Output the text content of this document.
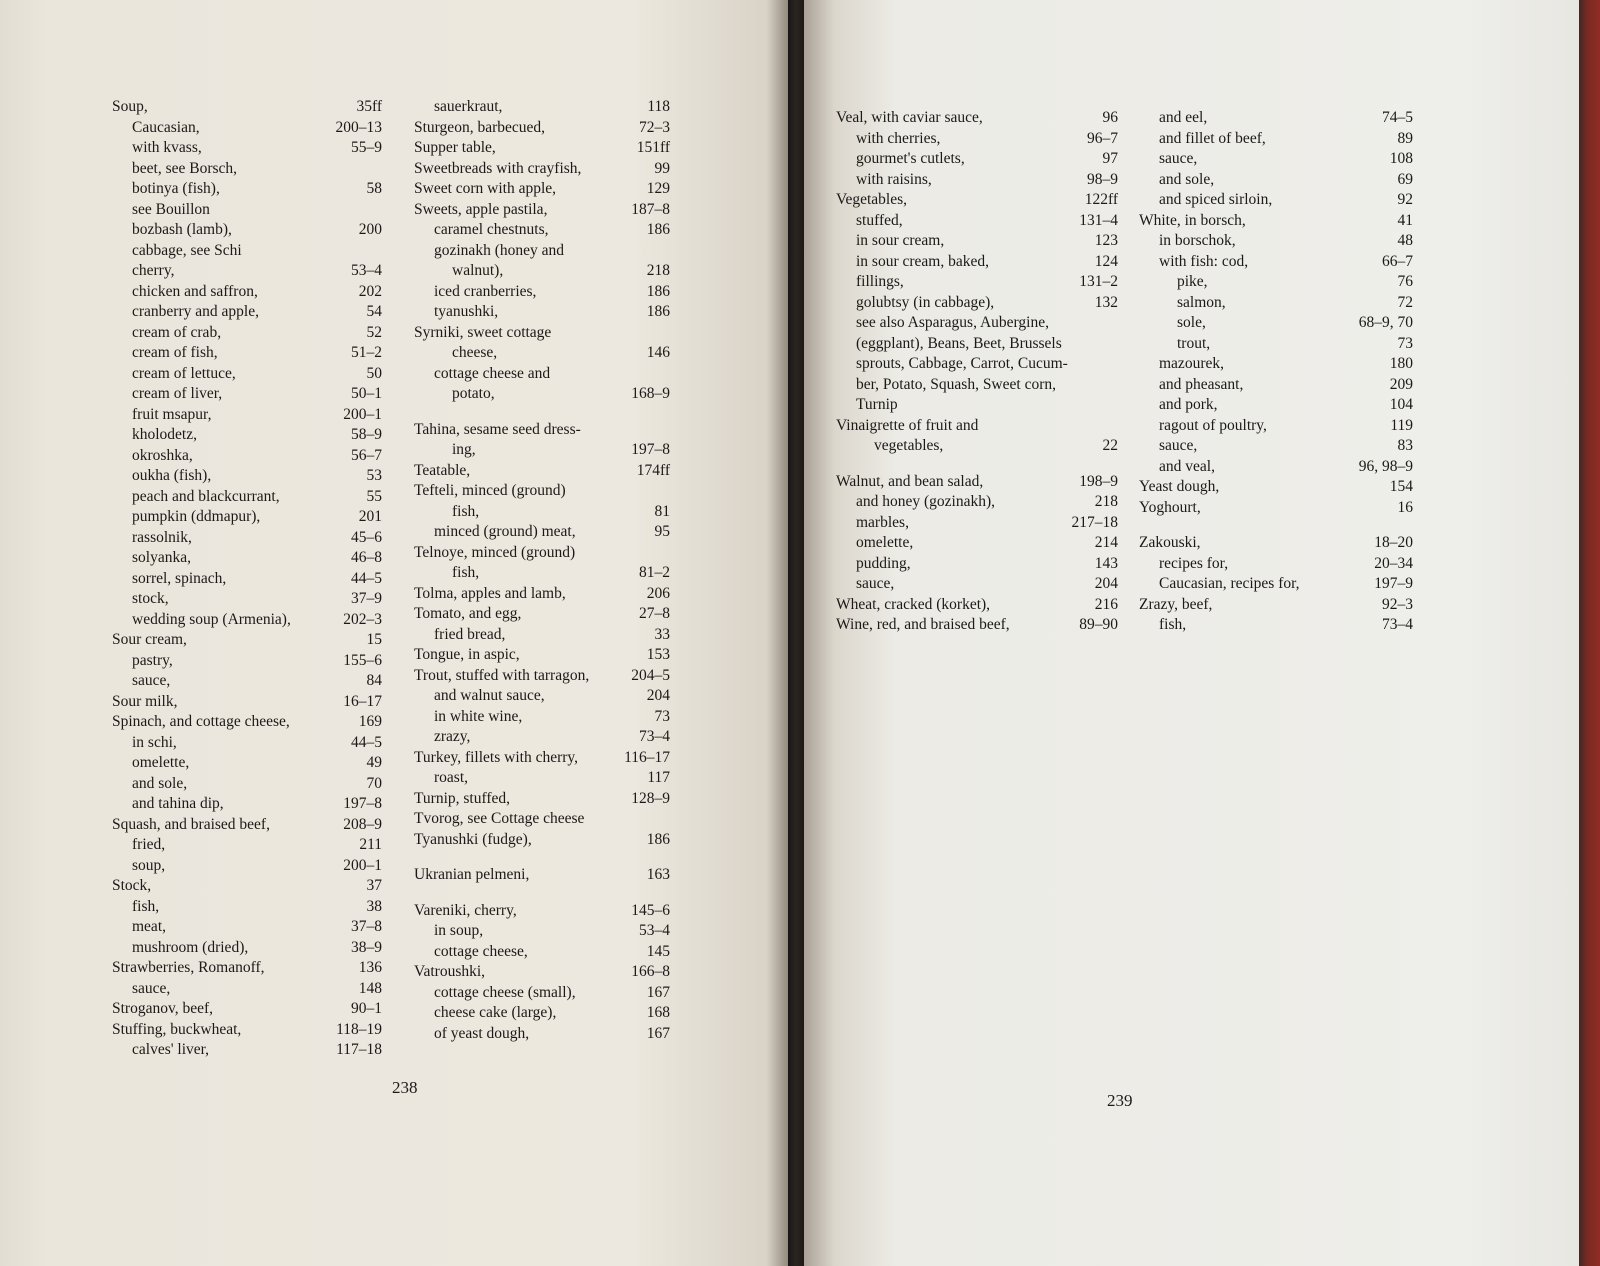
Soup,	35ff
Caucasian,	200–13
with kvass,	55–9
beet, see Borsch,
botinya (fish),	58
see Bouillon
bozbash (lamb),	200
cabbage, see Schi
cherry,	53–4
chicken and saffron,	202
cranberry and apple,	54
cream of crab,	52
cream of fish,	51–2
cream of lettuce,	50
cream of liver,	50–1
fruit msapur,	200–1
kholodetz,	58–9
okroshka,	56–7
oukha (fish),	53
peach and blackcurrant,	55
pumpkin (ddmapur),	201
rassolnik,	45–6
solyanka,	46–8
sorrel, spinach,	44–5
stock,	37–9
wedding soup (Armenia),	202–3
Sour cream,	15
pastry,	155–6
sauce,	84
Sour milk,	16–17
Spinach, and cottage cheese,	169
in schi,	44–5
omelette,	49
and sole,	70
and tahina dip,	197–8
Squash, and braised beef,	208–9
fried,	211
soup,	200–1
Stock,	37
fish,	38
meat,	37–8
mushroom (dried),	38–9
Strawberries, Romanoff,	136
sauce,	148
Stroganov, beef,	90–1
Stuffing, buckwheat,	118–19
calves' liver,	117–18
sauerkraut,	118
Sturgeon, barbecued,	72–3
Supper table,	151ff
Sweetbreads with crayfish,	99
Sweet corn with apple,	129
Sweets, apple pastila,	187–8
caramel chestnuts,	186
gozinakh (honey and
walnut),	218
iced cranberries,	186
tyanushki,	186
Syrniki, sweet cottage
cheese,	146
cottage cheese and
potato,	168–9
Tahina, sesame seed dress-
ing,	197–8
Teatable,	174ff
Tefteli, minced (ground)
fish,	81
minced (ground) meat,	95
Telnoye, minced (ground)
fish,	81–2
Tolma, apples and lamb,	206
Tomato, and egg,	27–8
fried bread,	33
Tongue, in aspic,	153
Trout, stuffed with tarragon,	204–5
and walnut sauce,	204
in white wine,	73
zrazy,	73–4
Turkey, fillets with cherry,	116–17
roast,	117
Turnip, stuffed,	128–9
Tvorog, see Cottage cheese
Tyanushki (fudge),	186
Ukranian pelmeni,	163
Vareniki, cherry,	145–6
in soup,	53–4
cottage cheese,	145
Vatroushki,	166–8
cottage cheese (small),	167
cheese cake (large),	168
of yeast dough,	167
238
Veal, with caviar sauce,	96
with cherries,	96–7
gourmet's cutlets,	97
with raisins,	98–9
Vegetables,	122ff
stuffed,	131–4
in sour cream,	123
in sour cream, baked,	124
fillings,	131–2
golubtsy (in cabbage),	132
see also Asparagus, Aubergine,
(eggplant), Beans, Beet, Brussels
sprouts, Cabbage, Carrot, Cucum-
ber, Potato, Squash, Sweet corn,
Turnip
Vinaigrette of fruit and
vegetables,	22
Walnut, and bean salad,	198–9
and honey (gozinakh),	218
marbles,	217–18
omelette,	214
pudding,	143
sauce,	204
Wheat, cracked (korket),	216
Wine, red, and braised beef,	89–90
and eel,	74–5
and fillet of beef,	89
sauce,	108
and sole,	69
and spiced sirloin,	92
White, in borsch,	41
in borschok,	48
with fish: cod,	66–7
pike,	76
salmon,	72
sole,	68–9, 70
trout,	73
mazourek,	180
and pheasant,	209
and pork,	104
ragout of poultry,	119
sauce,	83
and veal,	96, 98–9
Yeast dough,	154
Yoghourt,	16
Zakouski,	18–20
recipes for,	20–34
Caucasian, recipes for,	197–9
Zrazy, beef,	92–3
fish,	73–4
239
